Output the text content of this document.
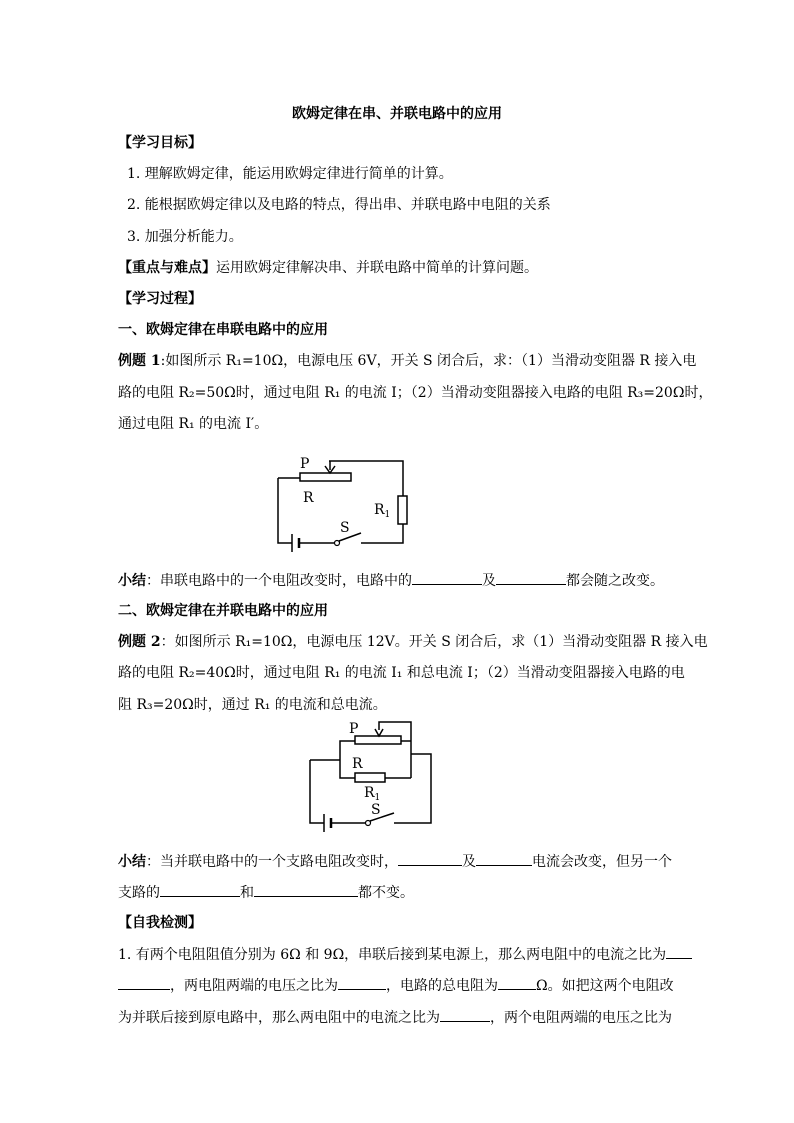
欧姆定律在串、并联电路中的应用
【学习目标】
1. 理解欧姆定律，能运用欧姆定律进行简单的计算。
2. 能根据欧姆定律以及电路的特点，得出串、并联电路中电阻的关系
3. 加强分析能力。
【重点与难点】运用欧姆定律解决串、并联电路中简单的计算问题。
【学习过程】
一、欧姆定律在串联电路中的应用
例题 1:如图所示 R₁=10Ω，电源电压 6V，开关 S 闭合后，求：（1）当滑动变阻器 R 接入电
路的电阻 R₂=50Ω时，通过电阻 R₁ 的电流 I；（2）当滑动变阻器接入电路的电阻 R₃=20Ω时，
通过电阻 R₁ 的电流 I′。
P
R
$R_1$
S
小结：串联电路中的一个电阻改变时，电路中的	及	都会随之改变。
二、欧姆定律在并联电路中的应用
例题 2：如图所示 R₁=10Ω，电源电压 12V。开关 S 闭合后，求（1）当滑动变阻器 R 接入电
路的电阻 R₂=40Ω时，通过电阻 R₁ 的电流 I₁ 和总电流 I；（2）当滑动变阻器接入电路的电
阻 R₃=20Ω时，通过 R₁ 的电流和总电流。
P
R
$R_1$
S
小结：当并联电路中的一个支路电阻改变时，	及	电流会改变，但另一个
支路的	和	都不变。
【自我检测】
1. 有两个电阻阻值分别为 6Ω 和 9Ω，串联后接到某电源上，那么两电阻中的电流之比为
，两电阻两端的电压之比为	，电路的总电阻为	Ω。如把这两个电阻改
为并联后接到原电路中，那么两电阻中的电流之比为	，两个电阻两端的电压之比为
